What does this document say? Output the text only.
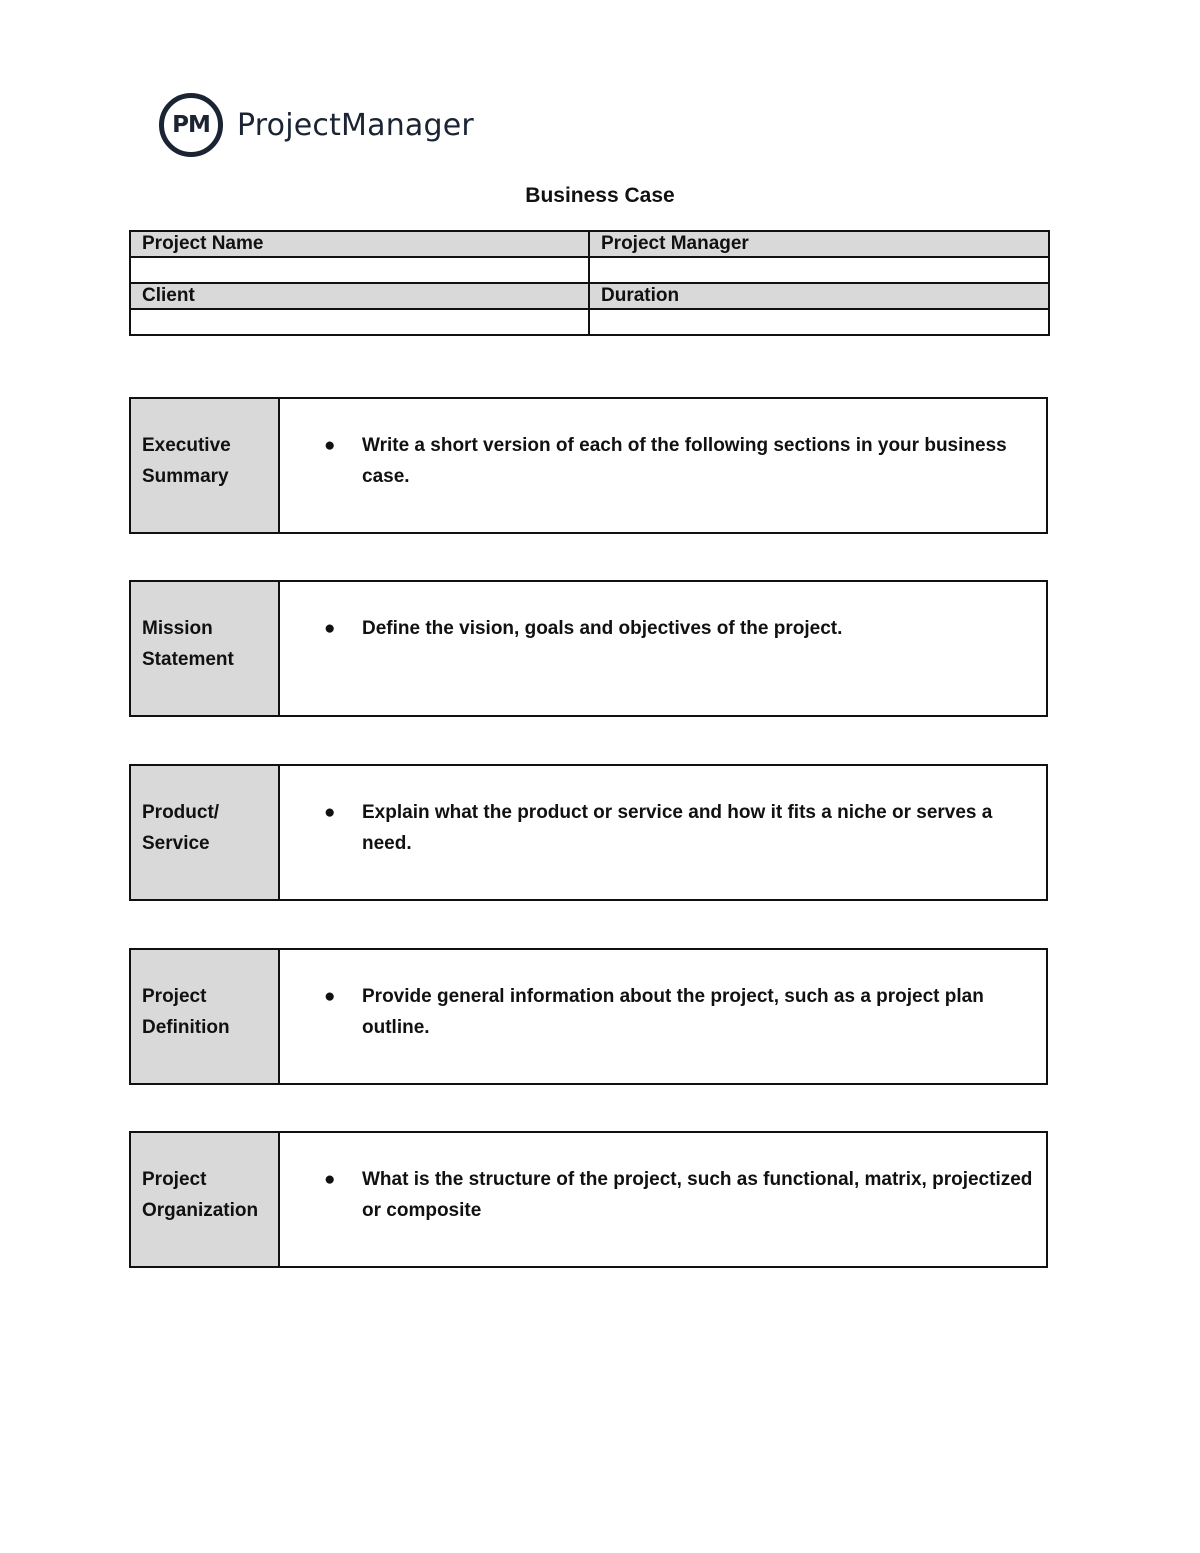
PM ProjectManager
Business Case
Project Name	Project Manager

Client	Duration

Executive
Summary
●	Write a short version of each of the following sections in your business case.
Mission
Statement
●	Define the vision, goals and objectives of the project.
Product/
Service
●	Explain what the product or service and how it fits a niche or serves a need.
Project
Definition
●	Provide general information about the project, such as a project plan outline.
Project
Organization
●	What is the structure of the project, such as functional, matrix, projectized or composite
